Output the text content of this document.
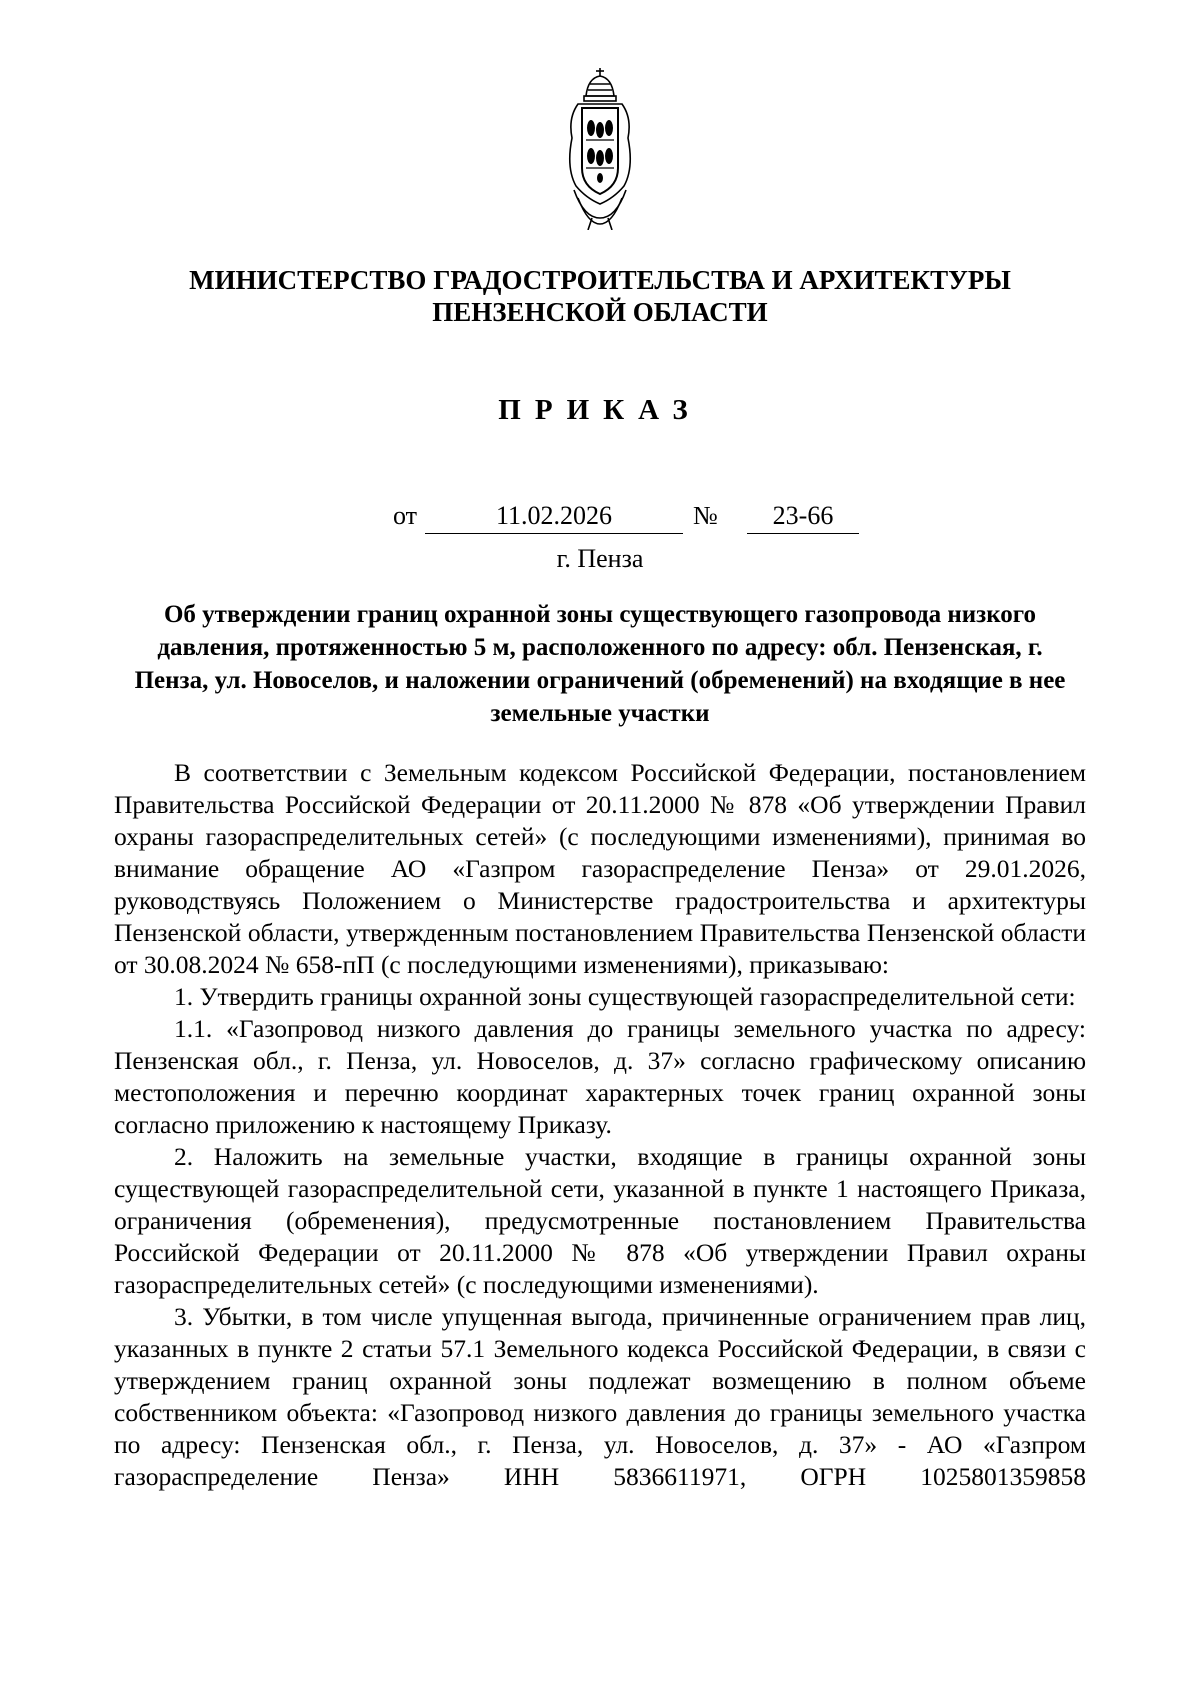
МИНИСТЕРСТВО ГРАДОСТРОИТЕЛЬСТВА И АРХИТЕКТУРЫ
ПЕНЗЕНСКОЙ ОБЛАСТИ
ПРИКАЗ
от	11.02.2026	№	23-66
г. Пенза
Об утверждении границ охранной зоны существующего газопровода низкого давления, протяженностью 5 м, расположенного по адресу: обл. Пензенская, г. Пенза, ул. Новоселов, и наложении ограничений (обременений) на входящие в нее земельные участки

В соответствии с Земельным кодексом Российской Федерации, постановлением Правительства Российской Федерации от 20.11.2000 № 878 «Об утверждении Правил охраны газораспределительных сетей» (с последующими изменениями), принимая во внимание обращение АО «Газпром газораспределение Пенза» от 29.01.2026, руководствуясь Положением о Министерстве градостроительства и архитектуры Пензенской области, утвержденным постановлением Правительства Пензенской области от 30.08.2024 № 658-пП (с последующими изменениями), приказываю:

1. Утвердить границы охранной зоны существующей газораспределительной сети:

1.1. «Газопровод низкого давления до границы земельного участка по адресу: Пензенская обл., г. Пенза, ул. Новоселов, д. 37» согласно графическому описанию местоположения и перечню координат характерных точек границ охранной зоны согласно приложению к настоящему Приказу.

2. Наложить на земельные участки, входящие в границы охранной зоны существующей газораспределительной сети, указанной в пункте 1 настоящего Приказа, ограничения (обременения), предусмотренные постановлением Правительства Российской Федерации от 20.11.2000 № 878 «Об утверждении Правил охраны газораспределительных сетей» (с последующими изменениями).

3. Убытки, в том числе упущенная выгода, причиненные ограничением прав лиц, указанных в пункте 2 статьи 57.1 Земельного кодекса Российской Федерации, в связи с утверждением границ охранной зоны подлежат возмещению в полном объеме собственником объекта: «Газопровод низкого давления до границы земельного участка по адресу: Пензенская обл., г. Пенза, ул. Новоселов, д. 37» - АО «Газпром газораспределение Пенза» ИНН 5836611971, ОГРН 1025801359858
